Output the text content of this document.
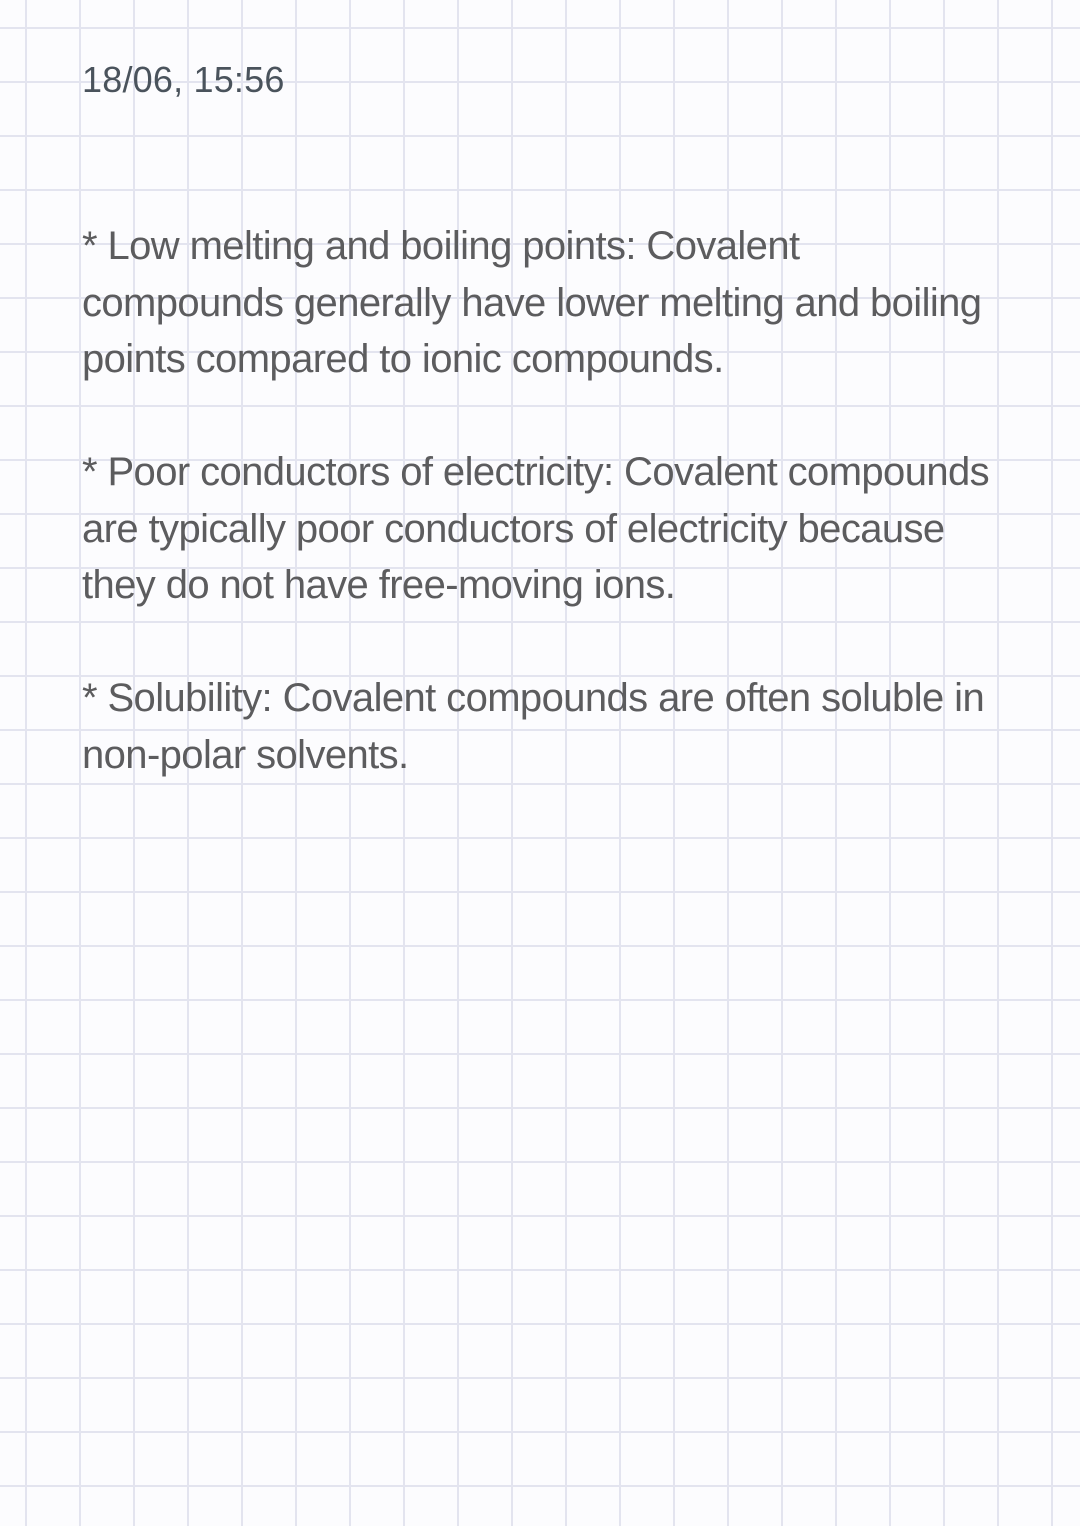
18/06, 15:56

* Low melting and boiling points: Covalent compounds generally have lower melting and boiling points compared to ionic compounds.

* Poor conductors of electricity: Covalent compounds are typically poor conductors of electricity because they do not have free-moving ions.

* Solubility: Covalent compounds are often soluble in non-polar solvents.
